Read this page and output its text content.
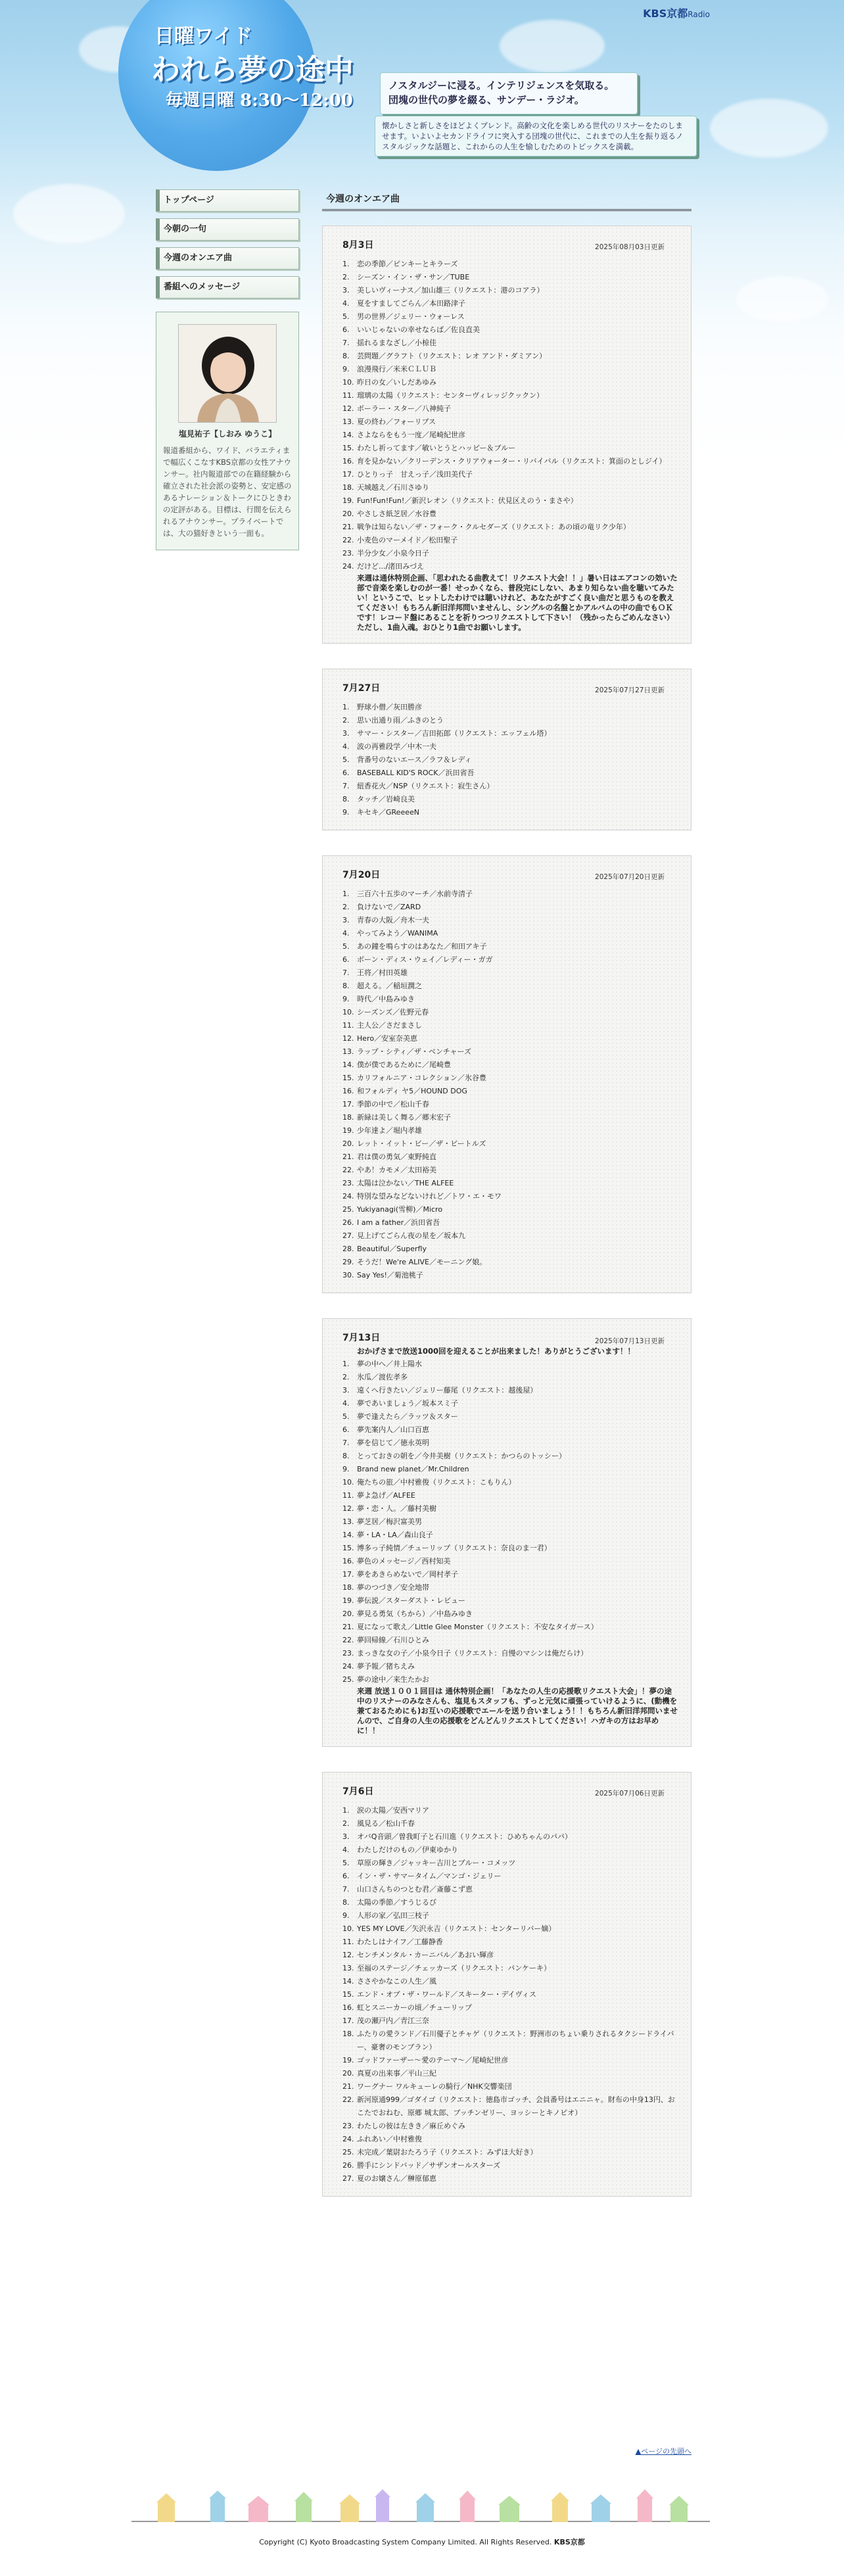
日曜ワイド
われら夢の途中
毎週日曜 8:30～12:00
KBS京都Radio
ノスタルジーに浸る。インテリジェンスを気取る。
団塊の世代の夢を綴る、サンデー・ラジオ。
懐かしさと新しさをほどよくブレンド。高齢の文化を楽しめる世代のリスナーをたのしませます。いよいよセカンドライフに突入する団塊の世代に、これまでの人生を振り返るノスタルジックな話題と、これからの人生を愉しむためのトピックスを満載。
トップページ
今朝の一句
今週のオンエア曲
番組へのメッセージ
塩見祐子【しおみ ゆうこ】
報道番組から、ワイド、バラエティまで幅広くこなすKBS京都の女性アナウンサー。社内報道部での在籍経験から確立された社会派の姿勢と、安定感のあるナレーション＆トークにひときわの定評がある。目標は、行間を伝えられるアナウンサー。プライベートでは、大の猫好きという一面も。
今週のオンエア曲
8月3日	2025年08月03日更新
1. 恋の季節／ピンキーとキラーズ
2. シーズン・イン・ザ・サン／TUBE
3. 美しいヴィーナス／加山雄三（リクエスト：港のコアラ）
4. 夏をすましてごらん／本田路津子
5. 男の世界／ジェリー・ウォーレス
6. いいじゃないの幸せならば／佐良直美
7. 揺れるまなざし／小椋佳
8. 芸問題／グラフト（リクエスト：レオ アンド・ダミアン）
9. 浪漫飛行／米米ＣＬＵＢ
10. 昨日の女／いしだあゆみ
11. 瑠璃の太陽（リクエスト：センターヴィレッジクックン）
12. ポーラー・スター／八神純子
13. 夏の終わ／フォーリブス
14. さよならをもう一度／尾崎紀世彦
15. わたし祈ってます／敏いとうとハッピー＆ブルー
16. 育を見かない／クリーデンス・クリアウォーター・リバイバル（リクエスト：箕面のとしジイ）
17. ひとりっ子　甘えっ子／浅田美代子
18. 天城越え／石川さゆり
19. Fun!Fun!Fun!／新沢レオン（リクエスト：伏見区えのう・まさや）
20. やさしさ紙芝居／水谷豊
21. 戦争は知らない／ザ・フォーク・クルセダーズ（リクエスト：あの頃の竜リク少年）
22. 小麦色のマーメイド／松田聖子
23. 半分少女／小泉今日子
24. だけど.../渚田みづえ
来週は通休特別企画、「思われたる曲教えて！リクエスト大会！！」暑い日はエアコンの効いた部で音楽を楽しむのが一番！せっかくなら、普段完にしない、あまり知らない曲を聴いてみたい！というこで、ヒットしたわけでは聴いけれど、あなたがすごく良い曲だと思うものを教えてください！もちろん新旧洋邦問いませんし、シングルの名盤とかアルバムの中の曲でもＯＫです！レコード盤にあることを祈りつつリクエストして下さい！（残かったらごめんなさい）ただし、1曲入魂。おひとり1曲でお願いします。
7月27日	2025年07月27日更新
1. 野球小僧／灰田勝彦
2. 思い出通り雨／ふきのとう
3. サマー・シスター／吉田拓郎（リクエスト：エッフェル塔）
4. 波の再雅段学／中木一夫
5. 背番号のないエース／ラフ＆レディ
6. BASEBALL KID'S ROCK／浜田省吾
7. 紐香花火／NSP（リクエスト：寂生さん）
8. タッチ／岩崎良美
9. キセキ／GReeeeN
7月20日	2025年07月20日更新
1. 三百六十五歩のマーチ／水前寺清子
2. 負けないで／ZARD
3. 青春の大阪／舟木一夫
4. やってみよう／WANIMA
5. あの鐘を鳴らすのはあなた／和田アキ子
6. ボーン・ディス・ウェイ／レディー・ガガ
7. 王将／村田英雄
8. 超える。／稲垣潤之
9. 時代／中島みゆき
10. シーズンズ／佐野元春
11. 主人公／さだまさし
12. Hero／安室奈美恵
13. ラップ・シティ／ザ・ベンチャーズ
14. 僕が僕であるために／尾崎豊
15. カリフォルニア・コレクション／氷谷豊
16. 和フォルディ ヤ5／HOUND DOG
17. 季節の中で／松山千春
18. 新緑は美しく舞る／郷末宏子
19. 少年達よ／堀内孝雄
20. レット・イット・ビー／ザ・ビートルズ
21. 君は僕の勇気／東野純直
22. やあ！カモメ／太田裕美
23. 太陽は泣かない／THE ALFEE
24. 特別な望みなどないけれど／トワ・エ・モワ
25. Yukiyanagi(雪柳)／Micro
26. I am a father／浜田省吾
27. 見上げてごらん夜の星を／坂本九
28. Beautiful／Superfly
29. そうだ！We're ALIVE／モーニング娘。
30. Say Yes!／菊池桃子
7月13日	2025年07月13日更新
おかげさまで放送1000回を迎えることが出来ました！ありがとうございます！！
1. 夢の中へ／井上陽水
2. 氷瓜／渡佐孝多
3. 遠くへ行きたい／ジェリー藤尾（リクエスト：越後屋）
4. 夢であいましょう／坂本スミ子
5. 夢で逢えたら／ラッツ＆スター
6. 夢先案内人／山口百恵
7. 夢を信じて／徳永英明
8. とっておきの朝を／今井美樹（リクエスト：かつらのトッシー）
9. Brand new planet／Mr.Children
10. 俺たちの旅／中村雅俊（リクエスト：こもりん）
11. 夢よ急げ／ALFEE
12. 夢・恋・人。／藤村美樹
13. 夢芝居／梅沢富美男
14. 夢・LA・LA／森山良子
15. 博多っ子純情／チューリップ（リクエスト：奈良のま一君）
16. 夢色のメッセージ／西村知美
17. 夢をあきらめないで／岡村孝子
18. 夢のつづき／安全地帯
19. 夢伝説／スターダスト・レビュー
20. 夢見る勇気（ちから）／中島みゆき
21. 夏になって歌え／Little Glee Monster（リクエスト：不安なタイガース）
22. 夢回帰線／石川ひとみ
23. まっきな女の子／小泉今日子（リクエスト：自慢のマシンは俺だらけ）
24. 夢予報／猪ちえみ
25. 夢の途中／来生たかお
来週 放送１００１回目は 通休特別企画！「あなたの人生の応援歌リクエスト大会」！夢の途中のリスナーのみなさんも、塩見もスタッフも、ずっと元気に頑張っていけるように、(動機を兼ておるためにも)お互いの応援歌でエールを送り合いましょう！！もちろん新旧洋邦問いませんので、ご自身の人生の応援歌をどんどんリクエストしてください！ハガキの方はお早めに！！
7月6日	2025年07月06日更新
1. 涙の太陽／安西マリア
2. 風見る／松山千春
3. オバQ音頭／曽我町子と石川進（リクエスト：ひめちゃんのパパ）
4. わたしだけのもの／伊東ゆかり
5. 草原の輝き／ジャッキー吉川とブルー・コメッツ
6. イン・ザ・サマータイム／マンゴ・ジェリー
7. 山口さんちのつとむ君／斎藤こず恵
8. 太陽の季節／すうじるび
9. 人形の家／弘田三枝子
10. YES MY LOVE／矢沢永吉（リクエスト：センターリバー嫡）
11. わたしはナイフ／工藤静香
12. センチメンタル・カーニバル／あおい輝彦
13. 至福のステージ／チェッカーズ（リクエスト：パンケーキ）
14. ささやかなこの人生／風
15. エンド・オブ・ザ・ワールド／スキーター・デイヴィス
16. 虹とスニーカーの頃／チューリップ
17. 茂の瀬戸内／青江三奈
18. ふたりの愛ランド／石川優子とチャゲ（リクエスト：野洲市のちょい乗りされるタクシードライバー、豪奢のモンブラン）
19. ゴッドファーザー～愛のテーマ～／尾崎紀世彦
20. 真夏の出来事／平山三紀
21. ワーグナー ワルキューレの騎行／NHK交響楽団
22. 新河原通999／ゴダイゴ（リクエスト：徳島市ゴッチ、会員番号はエニニャ。財布の中身13円、おこたでおねむ、原郷 城太郎、ブッチンゼリー、ヨッシーとキノピオ）
23. わたしの彼は左きき／麻丘めぐみ
24. ふれあい／中村雅俊
25. 未完成／葉尉おたろう子（リクエスト：みずほ大好き）
26. 勝手にシンドバッド／サザンオールスターズ
27. 夏のお嬢さん／榊原郁恵
▲ページの先頭へ
Copyright (C) Kyoto Broadcasting System Company Limited. All Rights Reserved. KBS京都
